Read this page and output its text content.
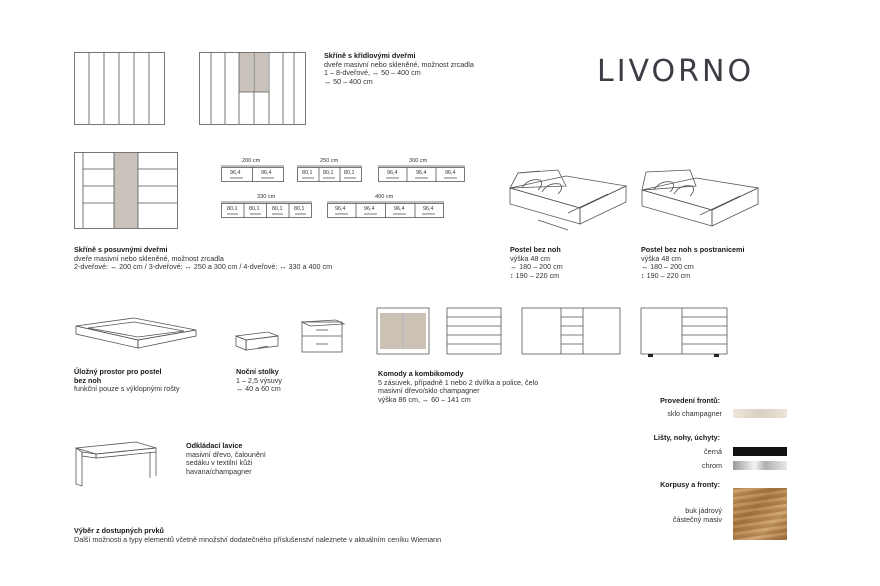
LIVORNO
Skříně s křídlovými dveřmi
dveře masivní nebo skleněné, možnost zrcadla
1 – 8-dveřové, ↔ 50 – 400 cm
↔ 50 – 400 cm
200 cm
96,4	96,4
250 cm
80,1 80,1 80,1
300 cm
96,4	96,4	96,4
330 cm
80,1 80,1 80,1 80,1
400 cm
96,4	96,4	96,4	96,4
Skříně s posuvnými dveřmi
dveře masivní nebo skleněné, možnost zrcadla
2-dveřové: ↔ 200 cm / 3-dveřové: ↔ 250 a 300 cm / 4-dveřové: ↔ 330 a 400 cm
Postel bez noh
výška 48 cm
↔ 180 – 200 cm
↕ 190 – 220 cm
Postel bez noh s postranicemi
výška 48 cm
↔ 180 – 200 cm
↕ 190 – 220 cm
Úložný prostor pro postel
bez noh
funkční pouze s výklopnými rošty
Noční stolky
1 – 2,5 výsuvy
↔ 40 a 60 cm
Komody a kombikomody
5 zásuvek, případně 1 nebo 2 dvířka a police, čelo
masivní dřevo/sklo champagner
výška 86 cm, ↔ 60 – 141 cm
Odkládací lavice
masivní dřevo, čalounění
sedáku v textilní kůži
havana/champagner
Výběr z dostupných prvků
Další možnosti a typy elementů včetně množství dodatečného příslušenství naleznete v aktuálním ceníku Wiemann
Provedení frontů:
sklo champagner
Lišty, nohy, úchyty:
černá
chrom
Korpusy a fronty:
buk jádrový
částečný masiv
